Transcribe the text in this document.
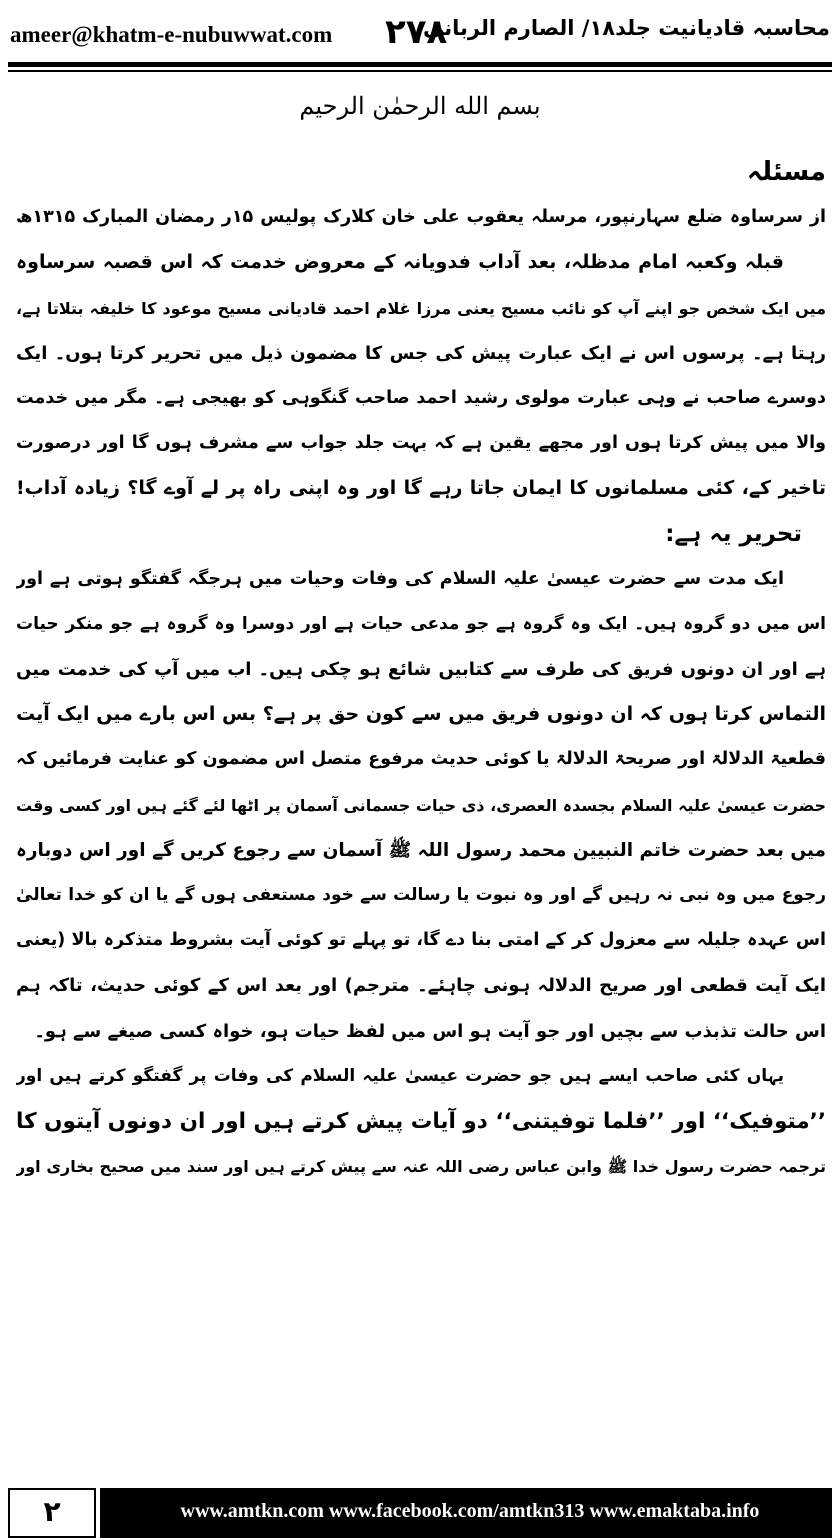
ameer@khatm-e-nubuwwat.com ۲۷۸
محاسبہ قادیانیت جلد۱۸/ الصارم الربانی
بسم الله الرحمٰن الرحیم
مسئلہ
از سرساوہ ضلع سہارنپور، مرسلہ یعقوب علی خان کلارک پولیس ۱۵ر رمضان المبارک ۱۳۱۵ھ
قبلہ وکعبہ امام مدظلہ، بعد آداب فدویانہ کے معروض خدمت کہ اس قصبہ سرساوہ
میں ایک شخص جو اپنے آپ کو نائب مسیح یعنی مرزا غلام احمد قادیانی مسیح موعود کا خلیفہ بتلاتا ہے،
رہتا ہے۔ پرسوں اس نے ایک عبارت پیش کی جس کا مضمون ذیل میں تحریر کرتا ہوں۔ ایک
دوسرے صاحب نے وہی عبارت مولوی رشید احمد صاحب گنگوہی کو بھیجی ہے۔ مگر میں خدمت
والا میں پیش کرتا ہوں اور مجھے یقین ہے کہ بہت جلد جواب سے مشرف ہوں گا اور درصورت
تاخیر کے، کئی مسلمانوں کا ایمان جاتا رہے گا اور وہ اپنی راہ پر لے آوے گا؟ زیادہ آداب!
تحریر یہ ہے:
ایک مدت سے حضرت عیسیٰ علیہ السلام کی وفات وحیات میں ہرجگہ گفتگو ہوتی ہے اور
اس میں دو گروہ ہیں۔ ایک وہ گروہ ہے جو مدعی حیات ہے اور دوسرا وہ گروہ ہے جو منکر حیات
ہے اور ان دونوں فریق کی طرف سے کتابیں شائع ہو چکی ہیں۔ اب میں آپ کی خدمت میں
التماس کرتا ہوں کہ ان دونوں فریق میں سے کون حق پر ہے؟ بس اس بارے میں ایک آیت
قطعیۃ الدلالۃ اور صریحۃ الدلالۃ یا کوئی حدیث مرفوع متصل اس مضمون کو عنایت فرمائیں کہ
حضرت عیسیٰ علیہ السلام بجسدہ العصری، ذی حیات جسمانی آسمان پر اٹھا لئے گئے ہیں اور کسی وقت
میں بعد حضرت خاتم النبیین محمد رسول اللہ ﷺ آسمان سے رجوع کریں گے اور اس دوبارہ
رجوع میں وہ نبی نہ رہیں گے اور وہ نبوت یا رسالت سے خود مستعفی ہوں گے یا ان کو خدا تعالیٰ
اس عہدہ جلیلہ سے معزول کر کے امتی بنا دے گا، تو پہلے تو کوئی آیت بشروط متذکرہ بالا (یعنی
ایک آیت قطعی اور صریح الدلالہ ہونی چاہئے۔ مترجم) اور بعد اس کے کوئی حدیث، تاکہ ہم
اس حالت تذبذب سے بچیں اور جو آیت ہو اس میں لفظ حیات ہو، خواہ کسی صیغے سے ہو۔
یہاں کئی صاحب ایسے ہیں جو حضرت عیسیٰ علیہ السلام کی وفات پر گفتگو کرتے ہیں اور
’’متوفیک‘‘ اور ’’فلما توفیتنی‘‘ دو آیات پیش کرتے ہیں اور ان دونوں آیتوں کا
ترجمہ حضرت رسول خدا ﷺ وابن عباس رضی اللہ عنہ سے پیش کرتے ہیں اور سند میں صحیح بخاری اور
۲	www.amtkn.com www.facebook.com/amtkn313 www.emaktaba.info
